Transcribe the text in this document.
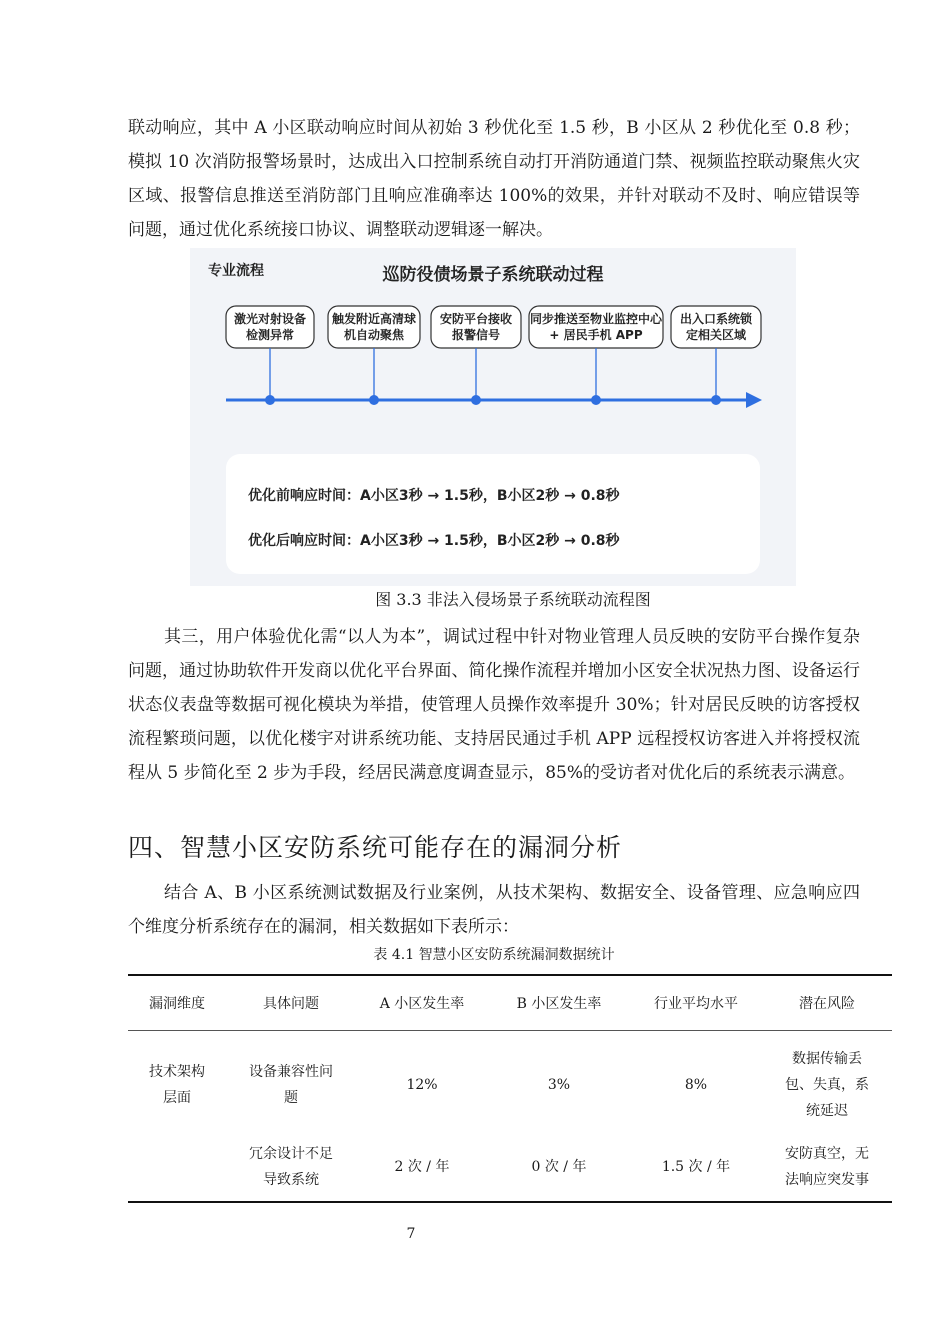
联动响应，其中 A 小区联动响应时间从初始 3 秒优化至 1.5 秒，B 小区从 2 秒优化至 0.8 秒；模拟 10 次消防报警场景时，达成出入口控制系统自动打开消防通道门禁、视频监控联动聚焦火灾区域、报警信息推送至消防部门且响应准确率达 100%的效果，并针对联动不及时、响应错误等问题，通过优化系统接口协议、调整联动逻辑逐一解决。

专业流程	巡防役债场景子系统联动过程
激光对射设备
检测异常
触发附近高清球
机自动聚焦
安防平台接收
报警信号
同步推送至物业监控中心
+ 居民手机 APP
出入口系统锁
定相关区域
优化前响应时间：A小区3秒 → 1.5秒，B小区2秒 → 0.8秒
优化后响应时间：A小区3秒 → 1.5秒，B小区2秒 → 0.8秒
图 3.3 非法入侵场景子系统联动流程图

其三，用户体验优化需“以人为本”，调试过程中针对物业管理人员反映的安防平台操作复杂问题，通过协助软件开发商以优化平台界面、简化操作流程并增加小区安全状况热力图、设备运行状态仪表盘等数据可视化模块为举措，使管理人员操作效率提升 30%；针对居民反映的访客授权流程繁琐问题，以优化楼宇对讲系统功能、支持居民通过手机 APP 远程授权访客进入并将授权流程从 5 步简化至 2 步为手段，经居民满意度调查显示，85%的受访者对优化后的系统表示满意。

四、智慧小区安防系统可能存在的漏洞分析

结合 A、B 小区系统测试数据及行业案例，从技术架构、数据安全、设备管理、应急响应四个维度分析系统存在的漏洞，相关数据如下表所示：

表 4.1 智慧小区安防系统漏洞数据统计
漏洞维度	具体问题	A 小区发生率	B 小区发生率	行业平均水平	潜在风险
技术架构层面	设备兼容性问题	12%	3%	8%	数据传输丢包、失真，系统延迟
	冗余设计不足导致系统	2 次 / 年	0 次 / 年	1.5 次 / 年	安防真空，无法响应突发事
7
